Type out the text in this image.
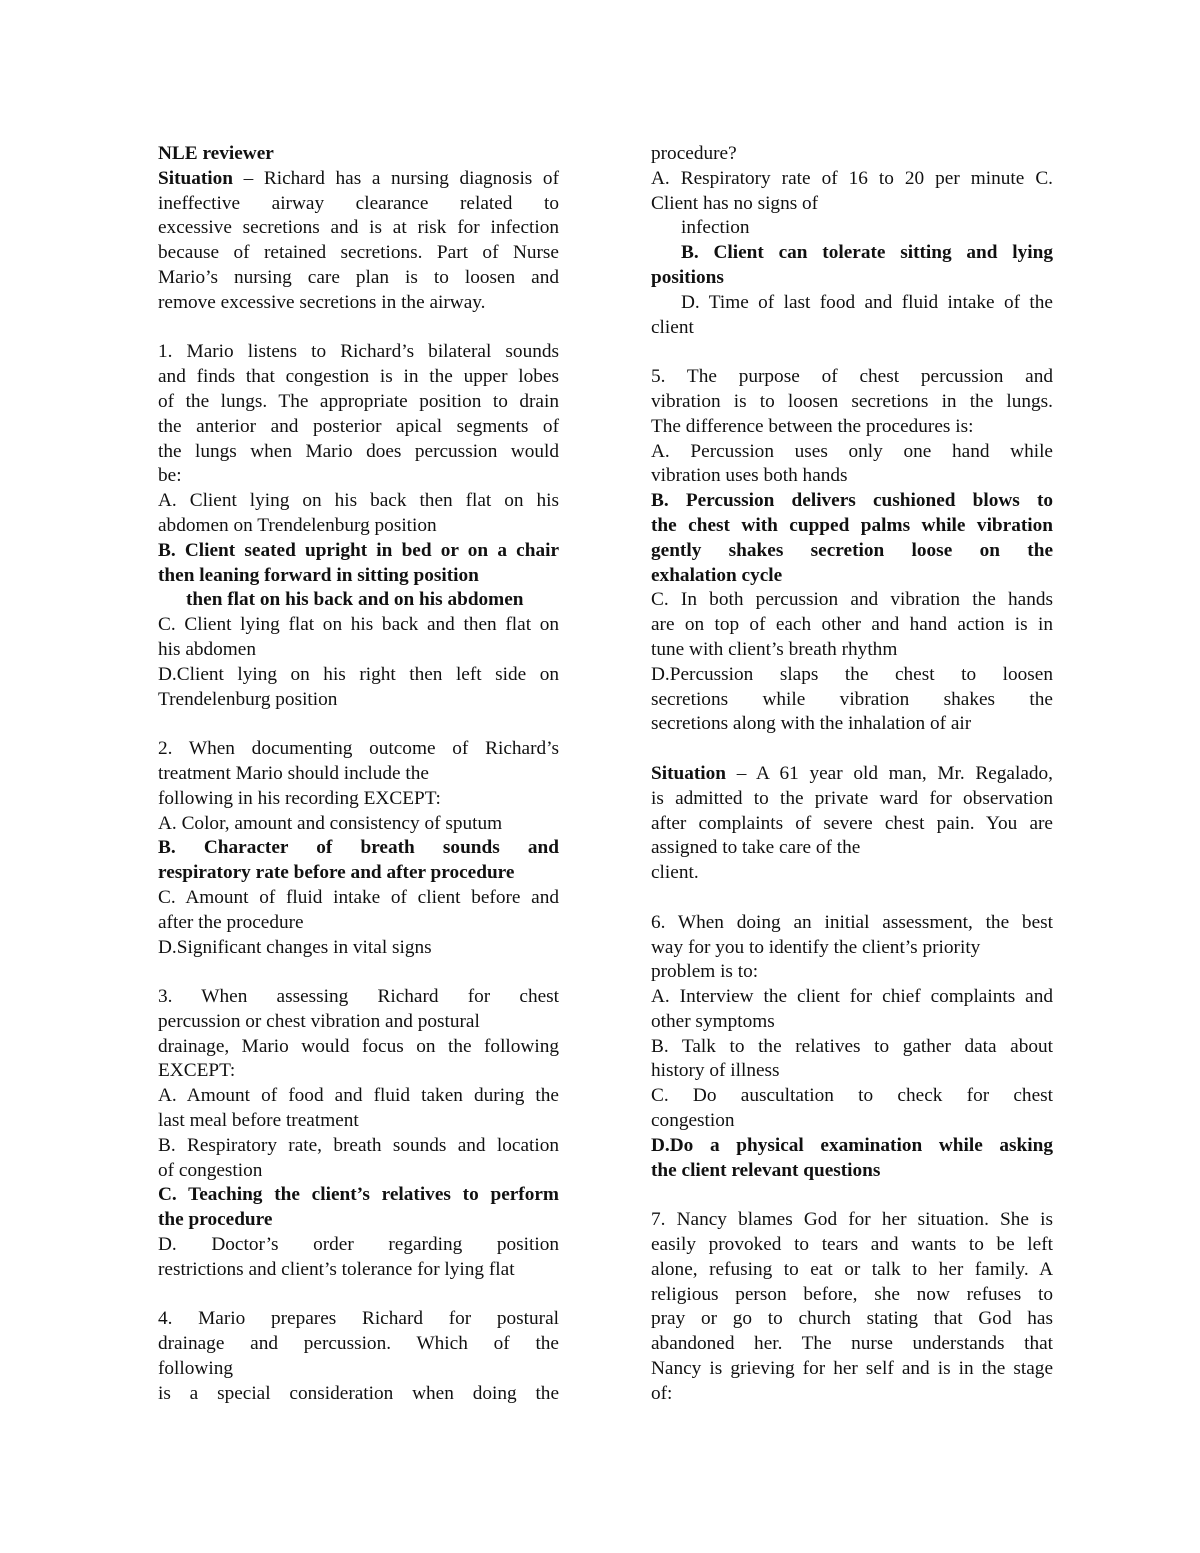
NLE reviewer
Situation – Richard has a nursing diagnosis of
ineffective airway clearance related to
excessive secretions and is at risk for infection
because of retained secretions. Part of Nurse
Mario’s nursing care plan is to loosen and
remove excessive secretions in the airway.
1. Mario listens to Richard’s bilateral sounds
and finds that congestion is in the upper lobes
of the lungs. The appropriate position to drain
the anterior and posterior apical segments of
the lungs when Mario does percussion would
be:
A. Client lying on his back then flat on his
abdomen on Trendelenburg position
B. Client seated upright in bed or on a chair
then leaning forward in sitting position
then flat on his back and on his abdomen
C. Client lying flat on his back and then flat on
his abdomen
D.Client lying on his right then left side on
Trendelenburg position
2. When documenting outcome of Richard’s
treatment Mario should include the
following in his recording EXCEPT:
A. Color, amount and consistency of sputum
B. Character of breath sounds and
respiratory rate before and after procedure
C. Amount of fluid intake of client before and
after the procedure
D.Significant changes in vital signs
3. When assessing Richard for chest
percussion or chest vibration and postural
drainage, Mario would focus on the following
EXCEPT:
A. Amount of food and fluid taken during the
last meal before treatment
B. Respiratory rate, breath sounds and location
of congestion
C. Teaching the client’s relatives to perform
the procedure
D. Doctor’s order regarding position
restrictions and client’s tolerance for lying flat
4. Mario prepares Richard for postural
drainage and percussion. Which of the
following
is a special consideration when doing the
procedure?
A. Respiratory rate of 16 to 20 per minute C.
Client has no signs of
infection
B. Client can tolerate sitting and lying
positions
D. Time of last food and fluid intake of the
client
5. The purpose of chest percussion and
vibration is to loosen secretions in the lungs.
The difference between the procedures is:
A. Percussion uses only one hand while
vibration uses both hands
B. Percussion delivers cushioned blows to
the chest with cupped palms while vibration
gently shakes secretion loose on the
exhalation cycle
C. In both percussion and vibration the hands
are on top of each other and hand action is in
tune with client’s breath rhythm
D.Percussion slaps the chest to loosen
secretions while vibration shakes the
secretions along with the inhalation of air
Situation – A 61 year old man, Mr. Regalado,
is admitted to the private ward for observation
after complaints of severe chest pain. You are
assigned to take care of the
client.
6. When doing an initial assessment, the best
way for you to identify the client’s priority
problem is to:
A. Interview the client for chief complaints and
other symptoms
B. Talk to the relatives to gather data about
history of illness
C. Do auscultation to check for chest
congestion
D.Do a physical examination while asking
the client relevant questions
7. Nancy blames God for her situation. She is
easily provoked to tears and wants to be left
alone, refusing to eat or talk to her family. A
religious person before, she now refuses to
pray or go to church stating that God has
abandoned her. The nurse understands that
Nancy is grieving for her self and is in the stage
of:
